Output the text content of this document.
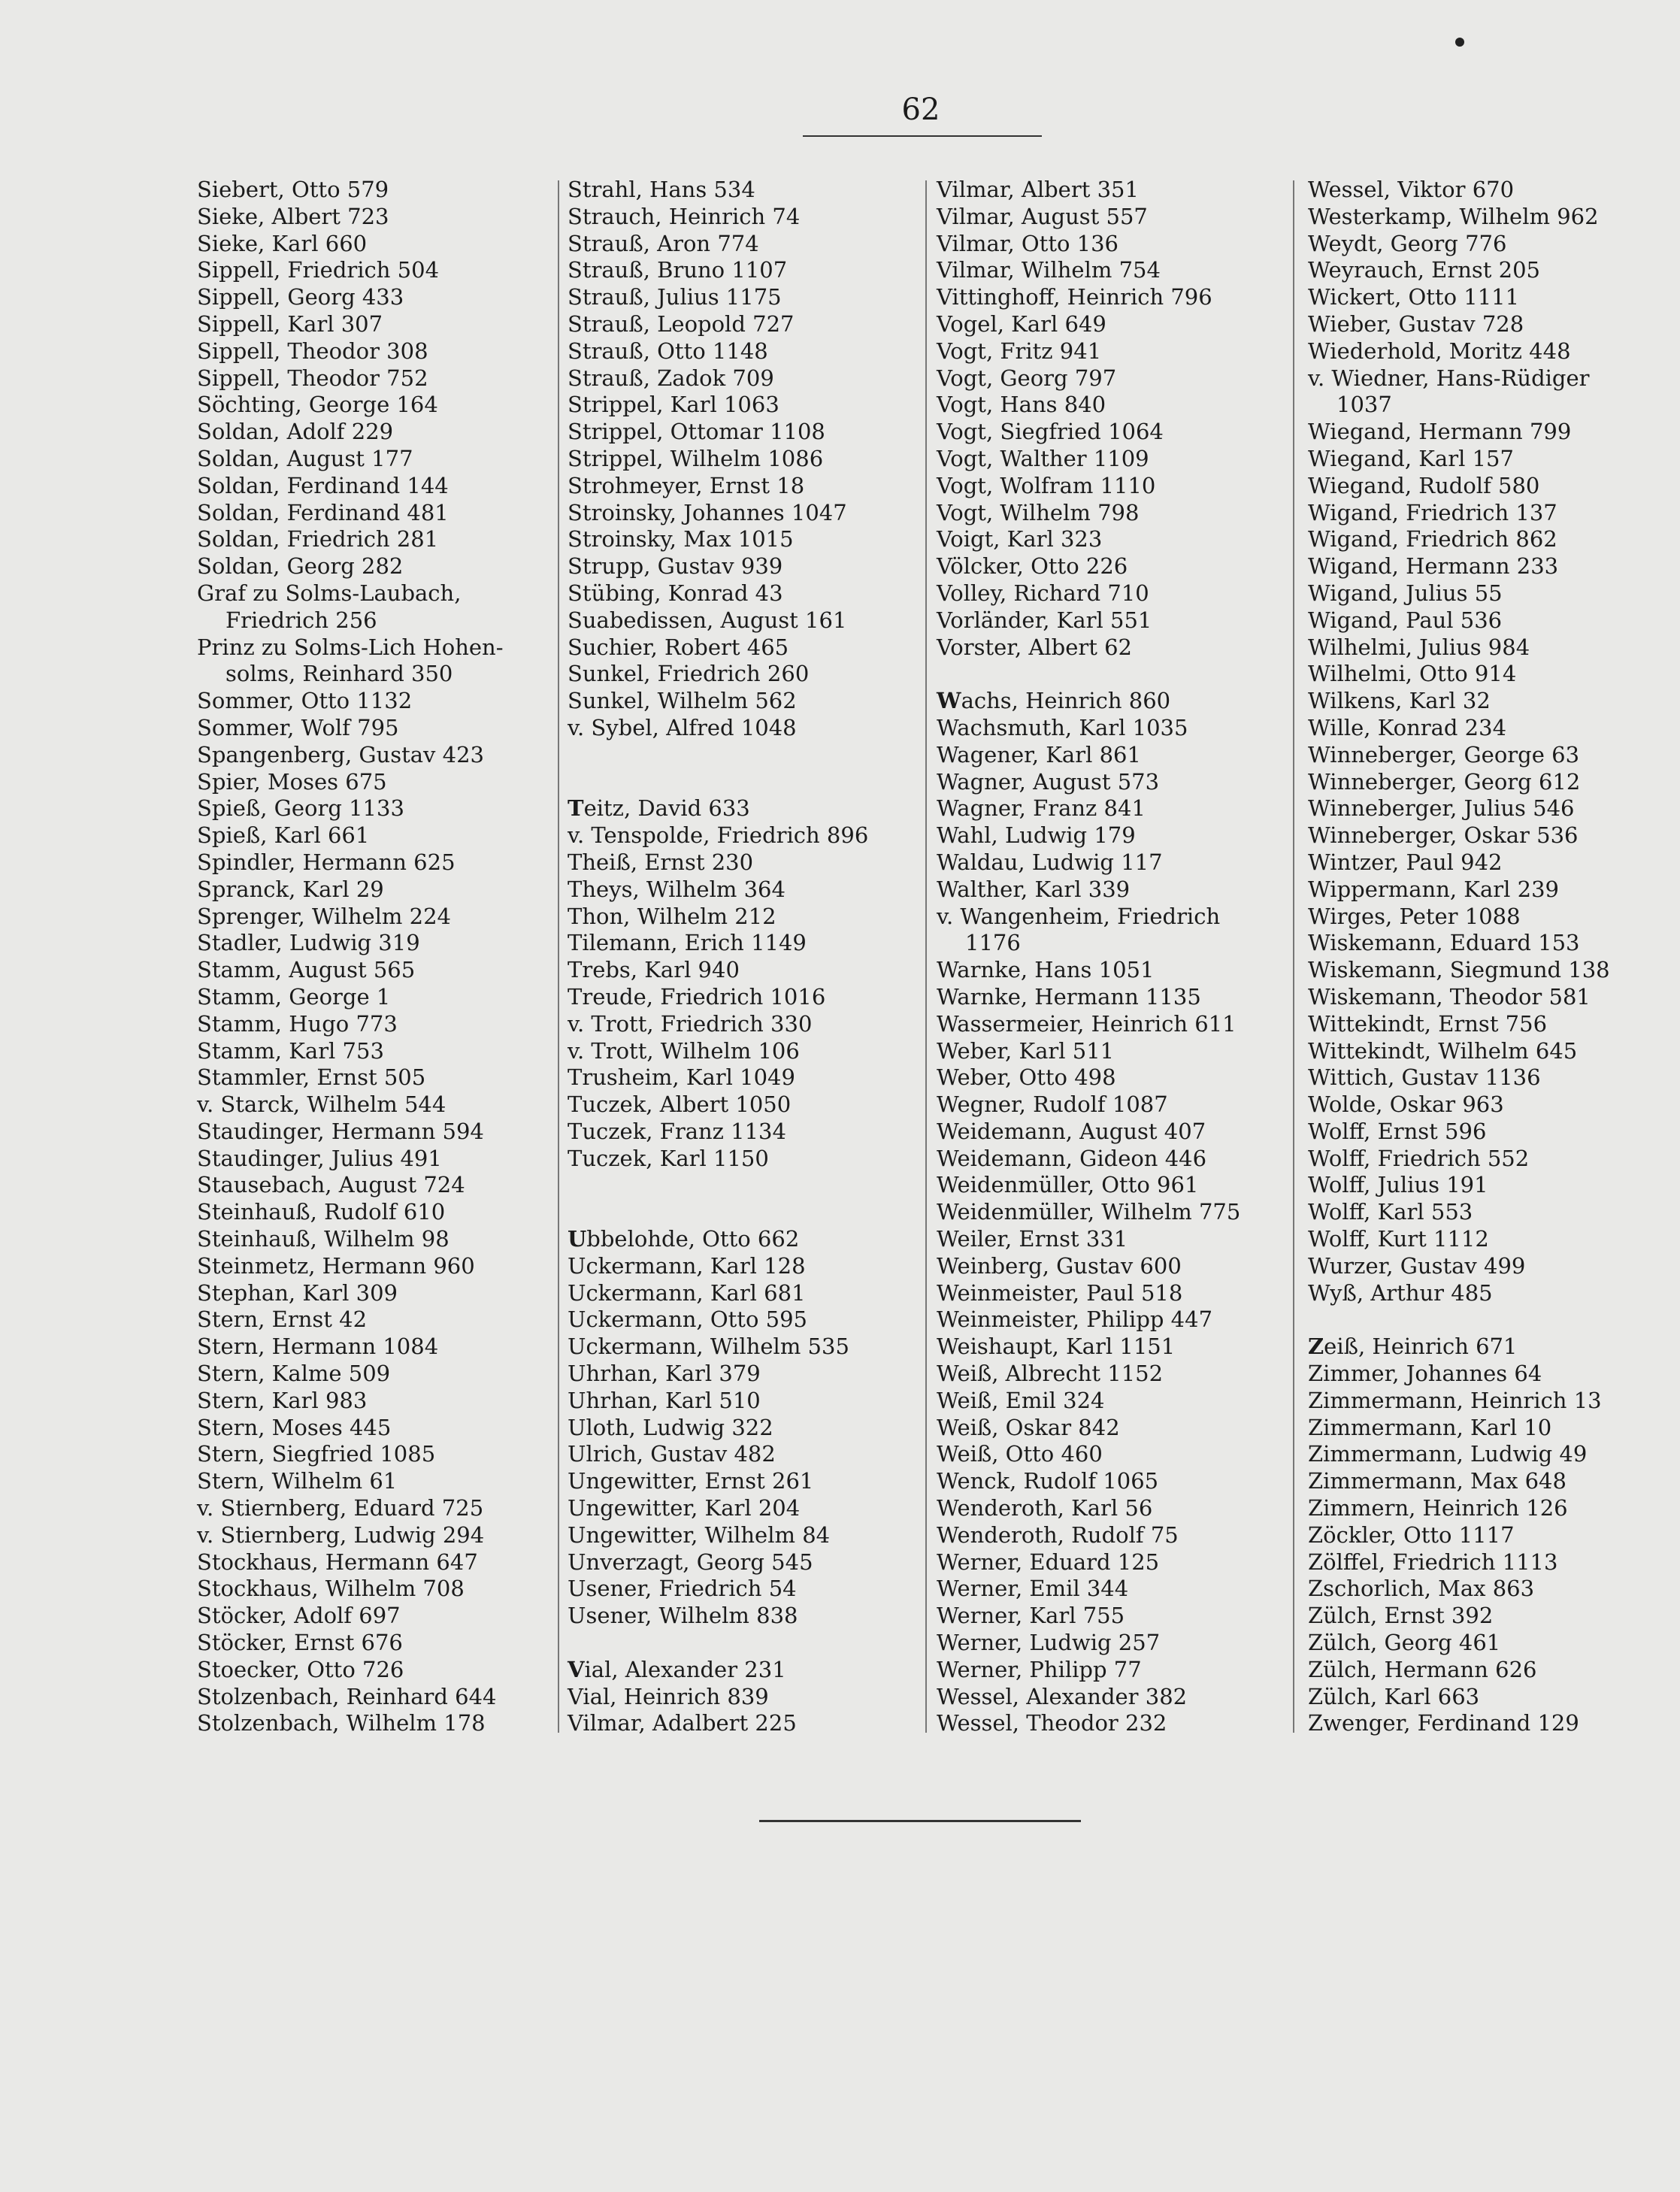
62
Siebert, Otto 579
Sieke, Albert 723
Sieke, Karl 660
Sippell, Friedrich 504
Sippell, Georg 433
Sippell, Karl 307
Sippell, Theodor 308
Sippell, Theodor 752
Söchting, George 164
Soldan, Adolf 229
Soldan, August 177
Soldan, Ferdinand 144
Soldan, Ferdinand 481
Soldan, Friedrich 281
Soldan, Georg 282
Graf zu Solms-Laubach,
Friedrich 256
Prinz zu Solms-Lich Hohen-
solms, Reinhard 350
Sommer, Otto 1132
Sommer, Wolf 795
Spangenberg, Gustav 423
Spier, Moses 675
Spieß, Georg 1133
Spieß, Karl 661
Spindler, Hermann 625
Spranck, Karl 29
Sprenger, Wilhelm 224
Stadler, Ludwig 319
Stamm, August 565
Stamm, George 1
Stamm, Hugo 773
Stamm, Karl 753
Stammler, Ernst 505
v. Starck, Wilhelm 544
Staudinger, Hermann 594
Staudinger, Julius 491
Stausebach, August 724
Steinhauß, Rudolf 610
Steinhauß, Wilhelm 98
Steinmetz, Hermann 960
Stephan, Karl 309
Stern, Ernst 42
Stern, Hermann 1084
Stern, Kalme 509
Stern, Karl 983
Stern, Moses 445
Stern, Siegfried 1085
Stern, Wilhelm 61
v. Stiernberg, Eduard 725
v. Stiernberg, Ludwig 294
Stockhaus, Hermann 647
Stockhaus, Wilhelm 708
Stöcker, Adolf 697
Stöcker, Ernst 676
Stoecker, Otto 726
Stolzenbach, Reinhard 644
Stolzenbach, Wilhelm 178
Strahl, Hans 534
Strauch, Heinrich 74
Strauß, Aron 774
Strauß, Bruno 1107
Strauß, Julius 1175
Strauß, Leopold 727
Strauß, Otto 1148
Strauß, Zadok 709
Strippel, Karl 1063
Strippel, Ottomar 1108
Strippel, Wilhelm 1086
Strohmeyer, Ernst 18
Stroinsky, Johannes 1047
Stroinsky, Max 1015
Strupp, Gustav 939
Stübing, Konrad 43
Suabedissen, August 161
Suchier, Robert 465
Sunkel, Friedrich 260
Sunkel, Wilhelm 562
v. Sybel, Alfred 1048
Teitz, David 633
v. Tenspolde, Friedrich 896
Theiß, Ernst 230
Theys, Wilhelm 364
Thon, Wilhelm 212
Tilemann, Erich 1149
Trebs, Karl 940
Treude, Friedrich 1016
v. Trott, Friedrich 330
v. Trott, Wilhelm 106
Trusheim, Karl 1049
Tuczek, Albert 1050
Tuczek, Franz 1134
Tuczek, Karl 1150
Ubbelohde, Otto 662
Uckermann, Karl 128
Uckermann, Karl 681
Uckermann, Otto 595
Uckermann, Wilhelm 535
Uhrhan, Karl 379
Uhrhan, Karl 510
Uloth, Ludwig 322
Ulrich, Gustav 482
Ungewitter, Ernst 261
Ungewitter, Karl 204
Ungewitter, Wilhelm 84
Unverzagt, Georg 545
Usener, Friedrich 54
Usener, Wilhelm 838
Vial, Alexander 231
Vial, Heinrich 839
Vilmar, Adalbert 225
Vilmar, Albert 351
Vilmar, August 557
Vilmar, Otto 136
Vilmar, Wilhelm 754
Vittinghoff, Heinrich 796
Vogel, Karl 649
Vogt, Fritz 941
Vogt, Georg 797
Vogt, Hans 840
Vogt, Siegfried 1064
Vogt, Walther 1109
Vogt, Wolfram 1110
Vogt, Wilhelm 798
Voigt, Karl 323
Völcker, Otto 226
Volley, Richard 710
Vorländer, Karl 551
Vorster, Albert 62
Wachs, Heinrich 860
Wachsmuth, Karl 1035
Wagener, Karl 861
Wagner, August 573
Wagner, Franz 841
Wahl, Ludwig 179
Waldau, Ludwig 117
Walther, Karl 339
v. Wangenheim, Friedrich
1176
Warnke, Hans 1051
Warnke, Hermann 1135
Wassermeier, Heinrich 611
Weber, Karl 511
Weber, Otto 498
Wegner, Rudolf 1087
Weidemann, August 407
Weidemann, Gideon 446
Weidenmüller, Otto 961
Weidenmüller, Wilhelm 775
Weiler, Ernst 331
Weinberg, Gustav 600
Weinmeister, Paul 518
Weinmeister, Philipp 447
Weishaupt, Karl 1151
Weiß, Albrecht 1152
Weiß, Emil 324
Weiß, Oskar 842
Weiß, Otto 460
Wenck, Rudolf 1065
Wenderoth, Karl 56
Wenderoth, Rudolf 75
Werner, Eduard 125
Werner, Emil 344
Werner, Karl 755
Werner, Ludwig 257
Werner, Philipp 77
Wessel, Alexander 382
Wessel, Theodor 232
Wessel, Viktor 670
Westerkamp, Wilhelm 962
Weydt, Georg 776
Weyrauch, Ernst 205
Wickert, Otto 1111
Wieber, Gustav 728
Wiederhold, Moritz 448
v. Wiedner, Hans-Rüdiger
1037
Wiegand, Hermann 799
Wiegand, Karl 157
Wiegand, Rudolf 580
Wigand, Friedrich 137
Wigand, Friedrich 862
Wigand, Hermann 233
Wigand, Julius 55
Wigand, Paul 536
Wilhelmi, Julius 984
Wilhelmi, Otto 914
Wilkens, Karl 32
Wille, Konrad 234
Winneberger, George 63
Winneberger, Georg 612
Winneberger, Julius 546
Winneberger, Oskar 536
Wintzer, Paul 942
Wippermann, Karl 239
Wirges, Peter 1088
Wiskemann, Eduard 153
Wiskemann, Siegmund 138
Wiskemann, Theodor 581
Wittekindt, Ernst 756
Wittekindt, Wilhelm 645
Wittich, Gustav 1136
Wolde, Oskar 963
Wolff, Ernst 596
Wolff, Friedrich 552
Wolff, Julius 191
Wolff, Karl 553
Wolff, Kurt 1112
Wurzer, Gustav 499
Wyß, Arthur 485
Zeiß, Heinrich 671
Zimmer, Johannes 64
Zimmermann, Heinrich 13
Zimmermann, Karl 10
Zimmermann, Ludwig 49
Zimmermann, Max 648
Zimmern, Heinrich 126
Zöckler, Otto 1117
Zölffel, Friedrich 1113
Zschorlich, Max 863
Zülch, Ernst 392
Zülch, Georg 461
Zülch, Hermann 626
Zülch, Karl 663
Zwenger, Ferdinand 129
